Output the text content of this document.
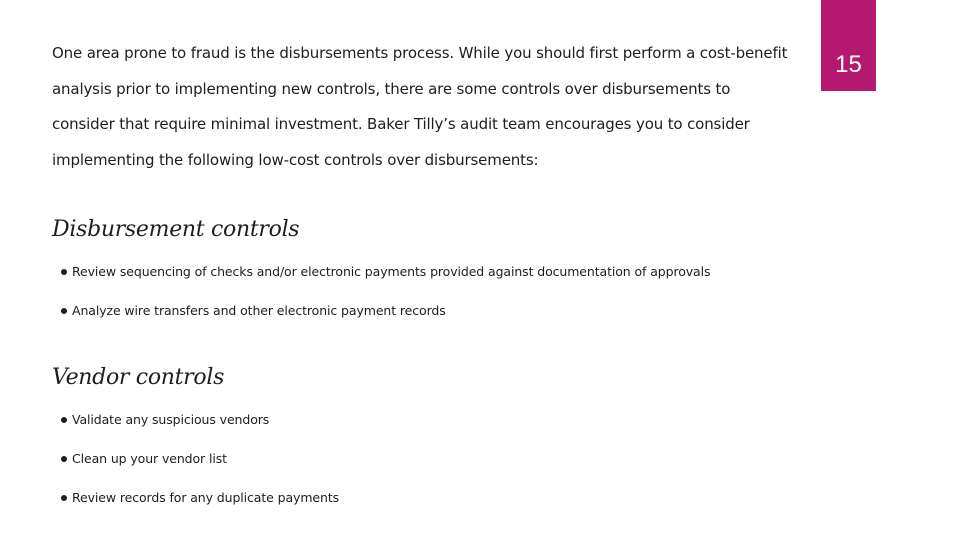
15

One area prone to fraud is the disbursements process. While you should first perform a cost-benefit
analysis prior to implementing new controls, there are some controls over disbursements to
consider that require minimal investment. Baker Tilly’s audit team encourages you to consider
implementing the following low-cost controls over disbursements:

Disbursement controls
Review sequencing of checks and/or electronic payments provided against documentation of approvals
Analyze wire transfers and other electronic payment records
Vendor controls
Validate any suspicious vendors
Clean up your vendor list
Review records for any duplicate payments
